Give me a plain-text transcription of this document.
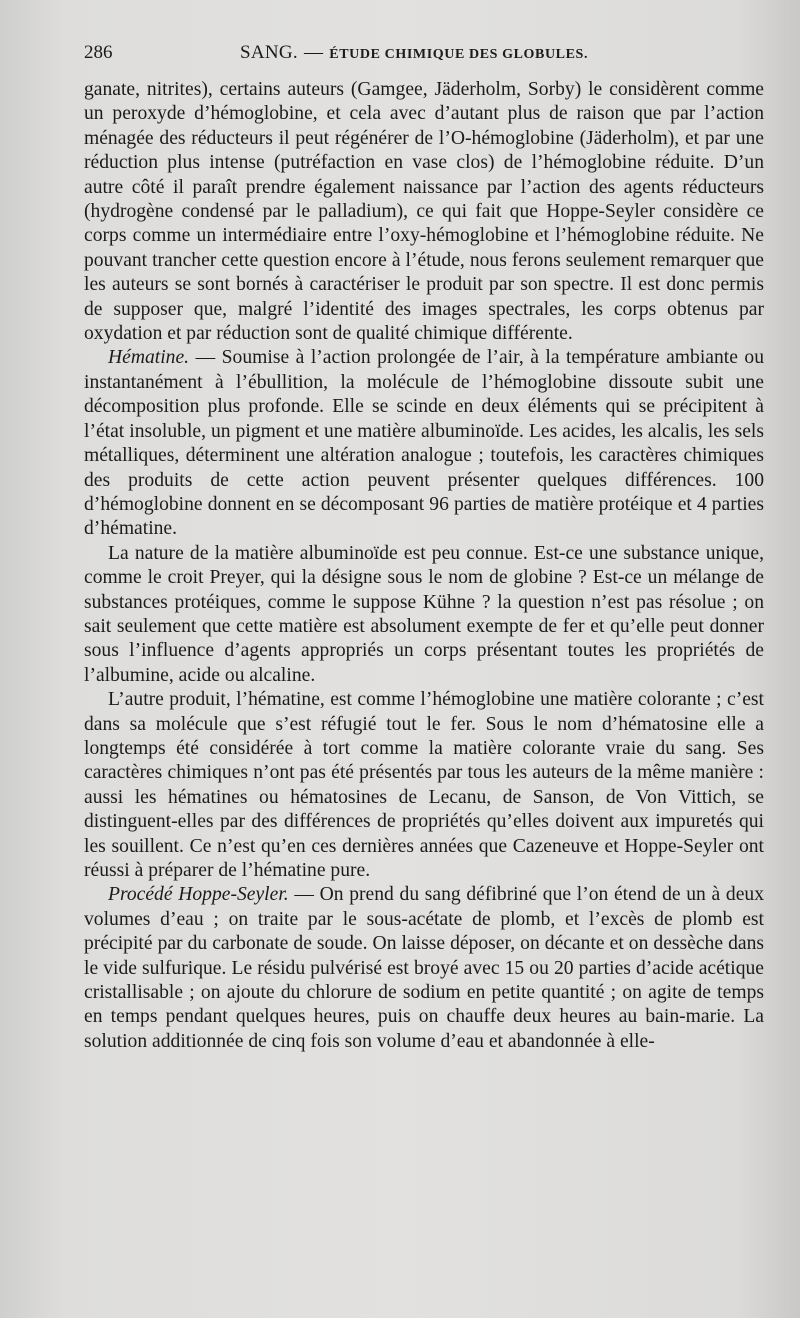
286	SANG. — ÉTUDE CHIMIQUE DES GLOBULES.

ganate, nitrites), certains auteurs (Gamgee, Jäderholm, Sorby) le considèrent comme un peroxyde d’hémoglobine, et cela avec d’autant plus de raison que par l’action ménagée des réducteurs il peut régénérer de l’O-hémoglobine (Jäderholm), et par une réduction plus intense (putréfaction en vase clos) de l’hémoglobine réduite. D’un autre côté il paraît prendre également naissance par l’action des agents réducteurs (hydrogène condensé par le palladium), ce qui fait que Hoppe-Seyler considère ce corps comme un intermédiaire entre l’oxy-hémoglobine et l’hémoglobine réduite. Ne pouvant trancher cette question encore à l’étude, nous ferons seulement remarquer que les auteurs se sont bornés à caractériser le produit par son spectre. Il est donc permis de supposer que, malgré l’identité des images spectrales, les corps obtenus par oxydation et par réduction sont de qualité chimique différente.

Hématine. — Soumise à l’action prolongée de l’air, à la température ambiante ou instantanément à l’ébullition, la molécule de l’hémoglobine dissoute subit une décomposition plus profonde. Elle se scinde en deux éléments qui se précipitent à l’état insoluble, un pigment et une matière albuminoïde. Les acides, les alcalis, les sels métalliques, déterminent une altération analogue ; toutefois, les caractères chimiques des produits de cette action peuvent présenter quelques différences. 100 d’hémoglobine donnent en se décomposant 96 parties de matière protéique et 4 parties d’hématine.

La nature de la matière albuminoïde est peu connue. Est-ce une substance unique, comme le croit Preyer, qui la désigne sous le nom de globine ? Est-ce un mélange de substances protéiques, comme le suppose Kühne ? la question n’est pas résolue ; on sait seulement que cette matière est absolument exempte de fer et qu’elle peut donner sous l’influence d’agents appropriés un corps présentant toutes les propriétés de l’albumine, acide ou alcaline.

L’autre produit, l’hématine, est comme l’hémoglobine une matière colorante ; c’est dans sa molécule que s’est réfugié tout le fer. Sous le nom d’hématosine elle a longtemps été considérée à tort comme la matière colorante vraie du sang. Ses caractères chimiques n’ont pas été présentés par tous les auteurs de la même manière : aussi les hématines ou hématosines de Lecanu, de Sanson, de Von Vittich, se distinguent-elles par des différences de propriétés qu’elles doivent aux impuretés qui les souillent. Ce n’est qu’en ces dernières années que Cazeneuve et Hoppe-Seyler ont réussi à préparer de l’hématine pure.

Procédé Hoppe-Seyler. — On prend du sang défibriné que l’on étend de un à deux volumes d’eau ; on traite par le sous-acétate de plomb, et l’excès de plomb est précipité par du carbonate de soude. On laisse déposer, on décante et on dessèche dans le vide sulfurique. Le résidu pulvérisé est broyé avec 15 ou 20 parties d’acide acétique cristallisable ; on ajoute du chlorure de sodium en petite quantité ; on agite de temps en temps pendant quelques heures, puis on chauffe deux heures au bain-marie. La solution additionnée de cinq fois son volume d’eau et abandonnée à elle-
